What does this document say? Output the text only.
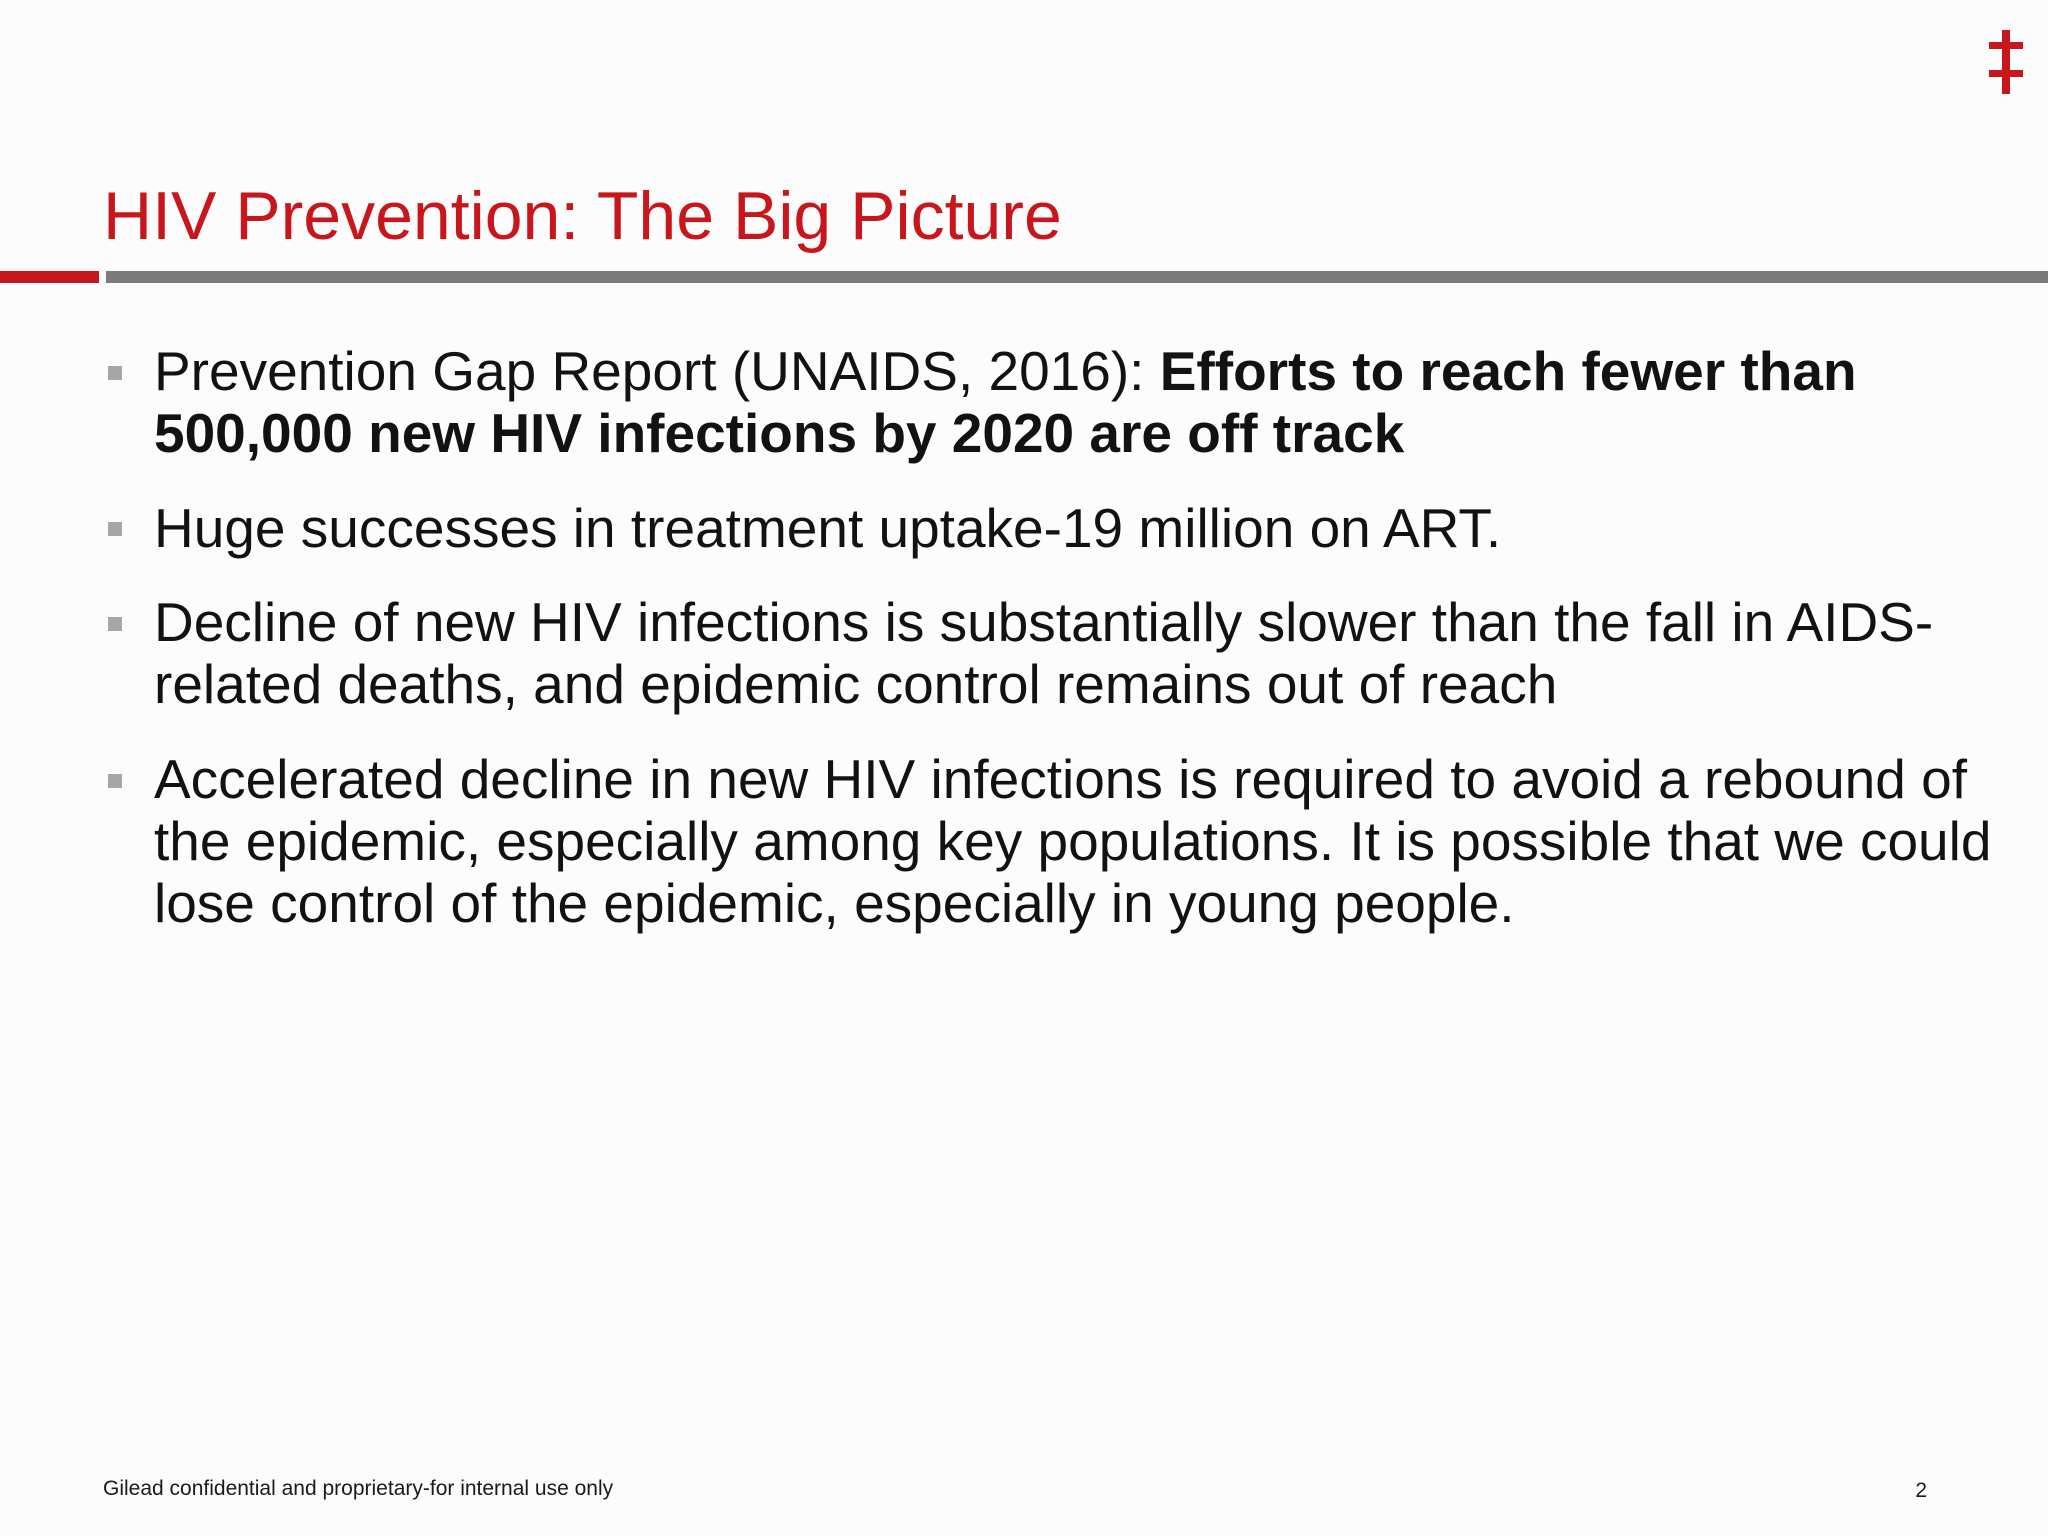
HIV Prevention: The Big Picture
Prevention Gap Report (UNAIDS, 2016): Efforts to reach fewer than 500,000 new HIV infections by 2020 are off track
Huge successes in treatment uptake-19 million on ART.
Decline of new HIV infections is substantially slower than the fall in AIDS-related deaths, and epidemic control remains out of reach
Accelerated decline in new HIV infections is required to avoid a rebound of the epidemic, especially among key populations. It is possible that we could lose control of the epidemic, especially in young people.
Gilead confidential and proprietary-for internal use only	2
